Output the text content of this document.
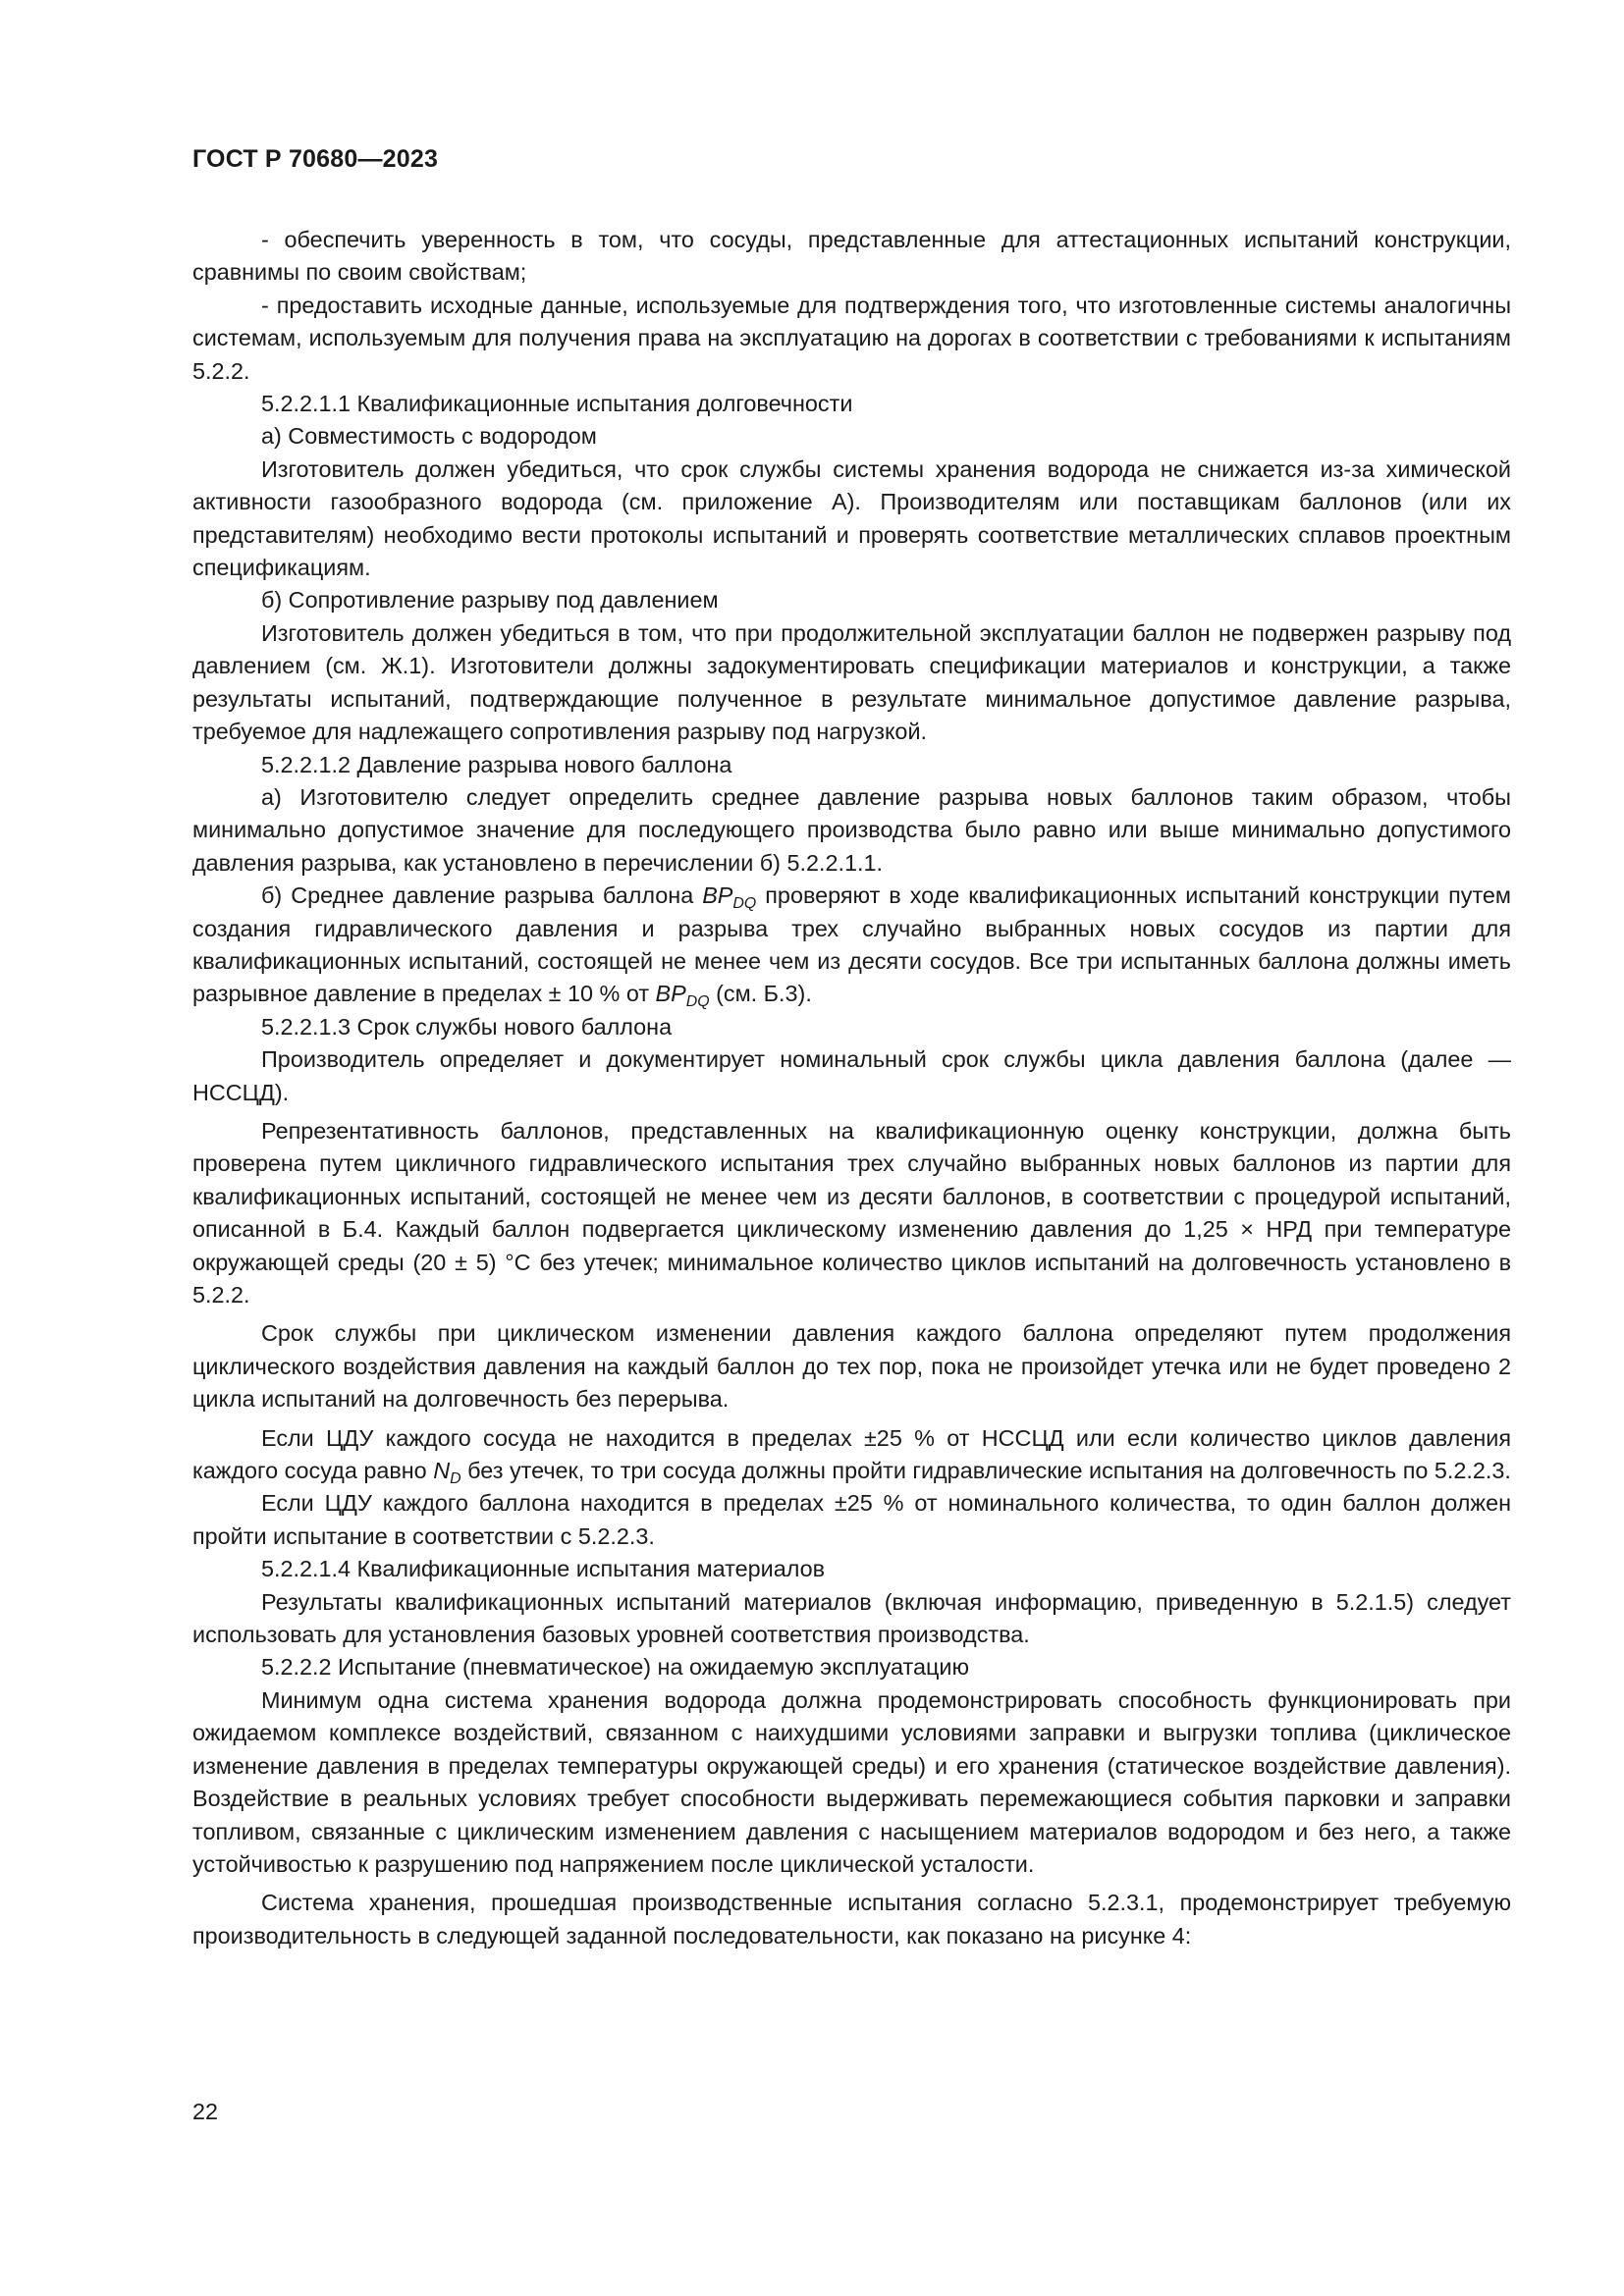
ГОСТ Р 70680—2023

- обеспечить уверенность в том, что сосуды, представленные для аттестационных испытаний конструкции, сравнимы по своим свойствам;

- предоставить исходные данные, используемые для подтверждения того, что изготовленные системы аналогичны системам, используемым для получения права на эксплуатацию на дорогах в соответствии с требованиями к испытаниям 5.2.2.

5.2.2.1.1 Квалификационные испытания долговечности

а) Совместимость с водородом

Изготовитель должен убедиться, что срок службы системы хранения водорода не снижается из-за химической активности газообразного водорода (см. приложение А). Производителям или поставщикам баллонов (или их представителям) необходимо вести протоколы испытаний и проверять соответствие металлических сплавов проектным спецификациям.

б) Сопротивление разрыву под давлением

Изготовитель должен убедиться в том, что при продолжительной эксплуатации баллон не подвержен разрыву под давлением (см. Ж.1). Изготовители должны задокументировать спецификации материалов и конструкции, а также результаты испытаний, подтверждающие полученное в результате минимальное допустимое давление разрыва, требуемое для надлежащего сопротивления разрыву под нагрузкой.

5.2.2.1.2 Давление разрыва нового баллона

а) Изготовителю следует определить среднее давление разрыва новых баллонов таким образом, чтобы минимально допустимое значение для последующего производства было равно или выше минимально допустимого давления разрыва, как установлено в перечислении б) 5.2.2.1.1.

б) Среднее давление разрыва баллона $BP_{DQ}$ проверяют в ходе квалификационных испытаний конструкции путем создания гидравлического давления и разрыва трех случайно выбранных новых сосудов из партии для квалификационных испытаний, состоящей не менее чем из десяти сосудов. Все три испытанных баллона должны иметь разрывное давление в пределах ± 10 % от $BP_{DQ}$ (см. Б.3).

5.2.2.1.3 Срок службы нового баллона

Производитель определяет и документирует номинальный срок службы цикла давления баллона (далее — НССЦД).

Репрезентативность баллонов, представленных на квалификационную оценку конструкции, должна быть проверена путем цикличного гидравлического испытания трех случайно выбранных новых баллонов из партии для квалификационных испытаний, состоящей не менее чем из десяти баллонов, в соответствии с процедурой испытаний, описанной в Б.4. Каждый баллон подвергается циклическому изменению давления до 1,25 × НРД при температуре окружающей среды (20 ± 5) °C без утечек; минимальное количество циклов испытаний на долговечность установлено в 5.2.2.

Срок службы при циклическом изменении давления каждого баллона определяют путем продолжения циклического воздействия давления на каждый баллон до тех пор, пока не произойдет утечка или не будет проведено 2 цикла испытаний на долговечность без перерыва.

Если ЦДУ каждого сосуда не находится в пределах ±25 % от НССЦД или если количество циклов давления каждого сосуда равно $N_D$ без утечек, то три сосуда должны пройти гидравлические испытания на долговечность по 5.2.2.3.

Если ЦДУ каждого баллона находится в пределах ±25 % от номинального количества, то один баллон должен пройти испытание в соответствии с 5.2.2.3.

5.2.2.1.4 Квалификационные испытания материалов

Результаты квалификационных испытаний материалов (включая информацию, приведенную в 5.2.1.5) следует использовать для установления базовых уровней соответствия производства.

5.2.2.2 Испытание (пневматическое) на ожидаемую эксплуатацию

Минимум одна система хранения водорода должна продемонстрировать способность функционировать при ожидаемом комплексе воздействий, связанном с наихудшими условиями заправки и выгрузки топлива (циклическое изменение давления в пределах температуры окружающей среды) и его хранения (статическое воздействие давления). Воздействие в реальных условиях требует способности выдерживать перемежающиеся события парковки и заправки топливом, связанные с циклическим изменением давления с насыщением материалов водородом и без него, а также устойчивостью к разрушению под напряжением после циклической усталости.

Система хранения, прошедшая производственные испытания согласно 5.2.3.1, продемонстрирует требуемую производительность в следующей заданной последовательности, как показано на рисунке 4:

22
